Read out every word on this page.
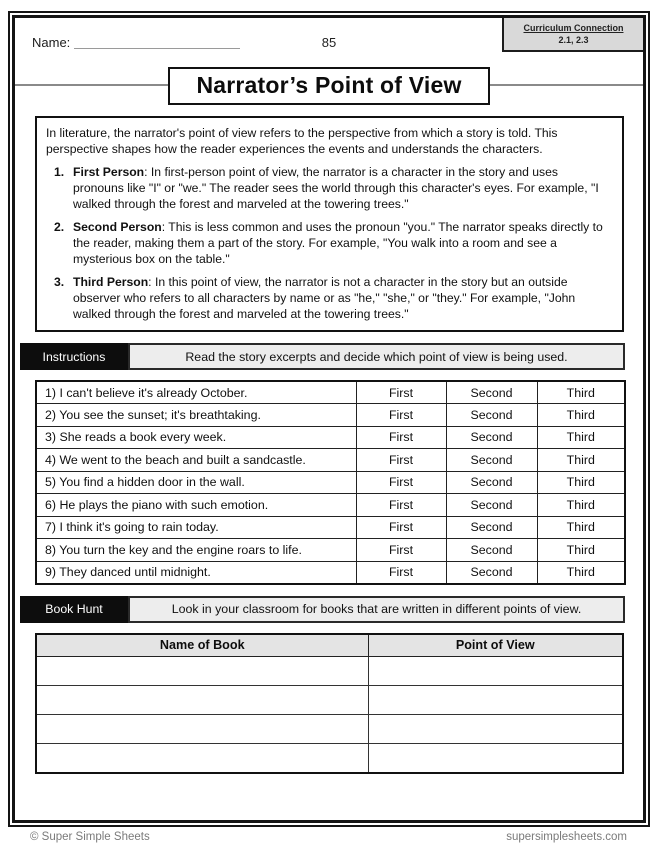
Name:	85
Curriculum Connection
2.1, 2.3
Narrator’s Point of View

In literature, the narrator's point of view refers to the perspective from which a story is told. This perspective shapes how the reader experiences the events and understands the characters.

1. First Person: In first-person point of view, the narrator is a character in the story and uses pronouns like "I" or "we." The reader sees the world through this character's eyes. For example, "I walked through the forest and marveled at the towering trees."
2. Second Person: This is less common and uses the pronoun "you." The narrator speaks directly to the reader, making them a part of the story. For example, "You walk into a room and see a mysterious box on the table."
3. Third Person: In this point of view, the narrator is not a character in the story but an outside observer who refers to all characters by name or as "he," "she," or "they." For example, "John walked through the forest and marveled at the towering trees."
Instructions	Read the story excerpts and decide which point of view is being used.
1) I can't believe it's already October.	First	Second	Third
2) You see the sunset; it's breathtaking.	First	Second	Third
3) She reads a book every week.	First	Second	Third
4) We went to the beach and built a sandcastle.	First	Second	Third
5) You find a hidden door in the wall.	First	Second	Third
6) He plays the piano with such emotion.	First	Second	Third
7) I think it's going to rain today.	First	Second	Third
8) You turn the key and the engine roars to life.	First	Second	Third
9) They danced until midnight.	First	Second	Third
Book Hunt	Look in your classroom for books that are written in different points of view.
Name of Book	Point of View

© Super Simple Sheets	supersimplesheets.com
